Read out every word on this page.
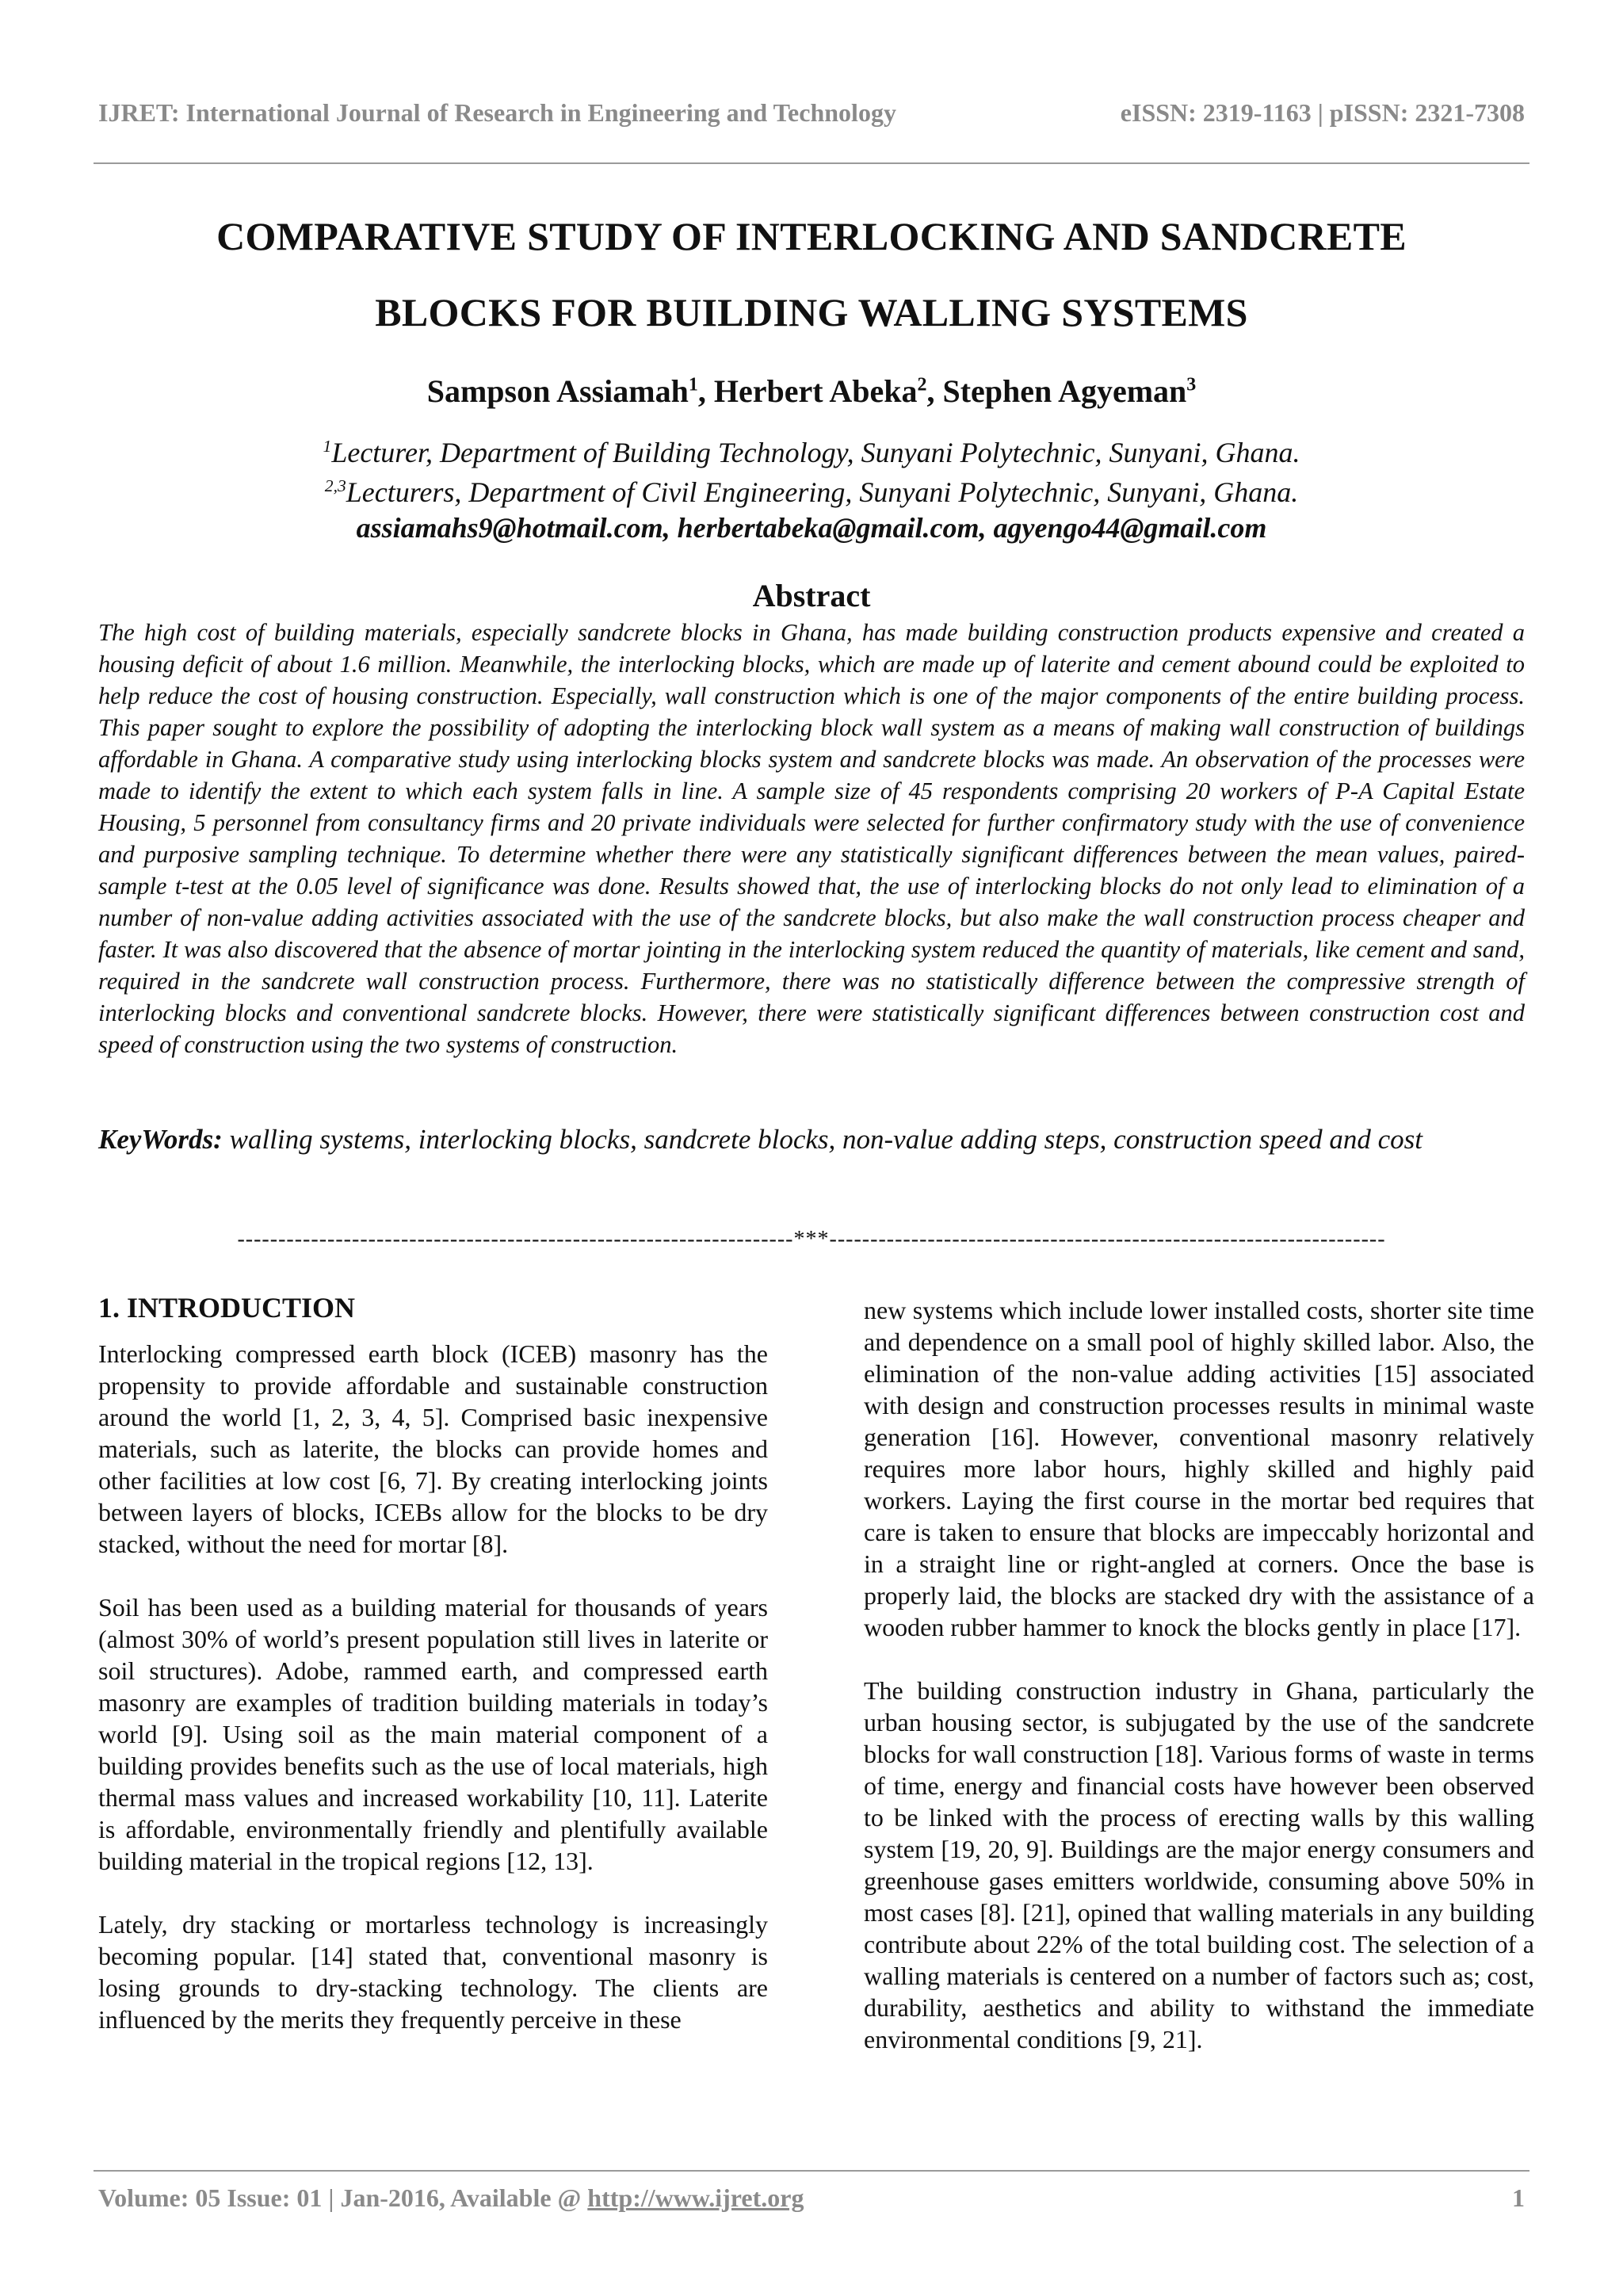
IJRET: International Journal of Research in Engineering and Technology	eISSN: 2319-1163 | pISSN: 2321-7308
COMPARATIVE STUDY OF INTERLOCKING AND SANDCRETE
BLOCKS FOR BUILDING WALLING SYSTEMS
Sampson Assiamah$^1$, Herbert Abeka$^2$, Stephen Agyeman$^3$
$^1$Lecturer, Department of Building Technology, Sunyani Polytechnic, Sunyani, Ghana.
$^{2,3}$Lecturers, Department of Civil Engineering, Sunyani Polytechnic, Sunyani, Ghana.
assiamahs9@hotmail.com, herbertabeka@gmail.com, agyengo44@gmail.com
Abstract
The high cost of building materials, especially sandcrete blocks in Ghana, has made building construction products expensive and created a housing deficit of about 1.6 million. Meanwhile, the interlocking blocks, which are made up of laterite and cement abound could be exploited to help reduce the cost of housing construction. Especially, wall construction which is one of the major components of the entire building process. This paper sought to explore the possibility of adopting the interlocking block wall system as a means of making wall construction of buildings affordable in Ghana. A comparative study using interlocking blocks system and sandcrete blocks was made. An observation of the processes were made to identify the extent to which each system falls in line. A sample size of 45 respondents comprising 20 workers of P-A Capital Estate Housing, 5 personnel from consultancy firms and 20 private individuals were selected for further confirmatory study with the use of convenience and purposive sampling technique. To determine whether there were any statistically significant differences between the mean values, paired-sample t-test at the 0.05 level of significance was done. Results showed that, the use of interlocking blocks do not only lead to elimination of a number of non-value adding activities associated with the use of the sandcrete blocks, but also make the wall construction process cheaper and faster. It was also discovered that the absence of mortar jointing in the interlocking system reduced the quantity of materials, like cement and sand, required in the sandcrete wall construction process. Furthermore, there was no statistically difference between the compressive strength of interlocking blocks and conventional sandcrete blocks. However, there were statistically significant differences between construction cost and speed of construction using the two systems of construction.
KeyWords: walling systems, interlocking blocks, sandcrete blocks, non-value adding steps, construction speed and cost
--------------------------------------------------------------------***--------------------------------------------------------------------
1. INTRODUCTION

Interlocking compressed earth block (ICEB) masonry has the propensity to provide affordable and sustainable construction around the world [1, 2, 3, 4, 5]. Comprised basic inexpensive materials, such as laterite, the blocks can provide homes and other facilities at low cost [6, 7]. By creating interlocking joints between layers of blocks, ICEBs allow for the blocks to be dry stacked, without the need for mortar [8].

Soil has been used as a building material for thousands of years (almost 30% of world’s present population still lives in laterite or soil structures). Adobe, rammed earth, and compressed earth masonry are examples of tradition building materials in today’s world [9]. Using soil as the main material component of a building provides benefits such as the use of local materials, high thermal mass values and increased workability [10, 11]. Laterite is affordable, environmentally friendly and plentifully available building material in the tropical regions [12, 13].

Lately, dry stacking or mortarless technology is increasingly becoming popular. [14] stated that, conventional masonry is losing grounds to dry-stacking technology. The clients are influenced by the merits they frequently perceive in these

new systems which include lower installed costs, shorter site time and dependence on a small pool of highly skilled labor. Also, the elimination of the non-value adding activities [15] associated with design and construction processes results in minimal waste generation [16]. However, conventional masonry relatively requires more labor hours, highly skilled and highly paid workers. Laying the first course in the mortar bed requires that care is taken to ensure that blocks are impeccably horizontal and in a straight line or right-angled at corners. Once the base is properly laid, the blocks are stacked dry with the assistance of a wooden rubber hammer to knock the blocks gently in place [17].

The building construction industry in Ghana, particularly the urban housing sector, is subjugated by the use of the sandcrete blocks for wall construction [18]. Various forms of waste in terms of time, energy and financial costs have however been observed to be linked with the process of erecting walls by this walling system [19, 20, 9]. Buildings are the major energy consumers and greenhouse gases emitters worldwide, consuming above 50% in most cases [8]. [21], opined that walling materials in any building contribute about 22% of the total building cost. The selection of a walling materials is centered on a number of factors such as; cost, durability, aesthetics and ability to withstand the immediate environmental conditions [9, 21].

Volume: 05 Issue: 01 | Jan-2016, Available @ http://www.ijret.org	1
